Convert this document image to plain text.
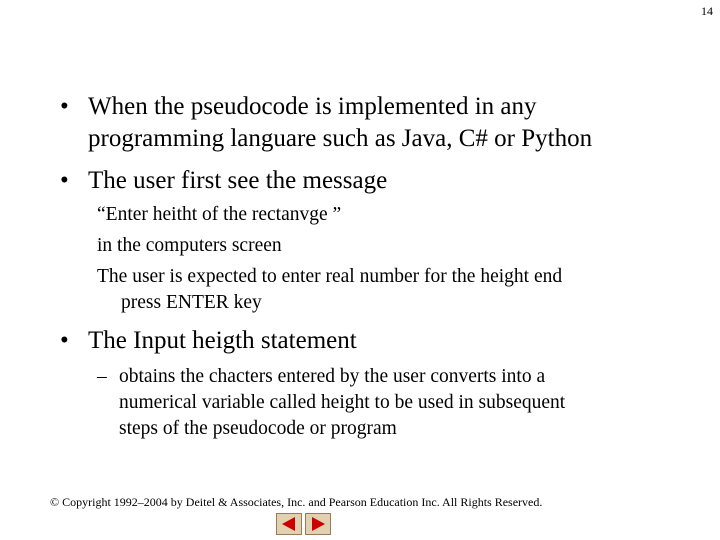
14
• When the pseudocode is implemented in any
programming languare such as Java, C# or Python
• The user first see the message
“Enter heitht of the rectanvge ”
in the computers screen
The user is expected to enter real number for the height end
press ENTER key
• The Input heigth statement
– obtains the chacters entered by the user converts into a
numerical variable called height to be used in subsequent
steps of the pseudocode or program
© Copyright 1992–2004 by Deitel & Associates, Inc. and Pearson Education Inc. All Rights Reserved.
